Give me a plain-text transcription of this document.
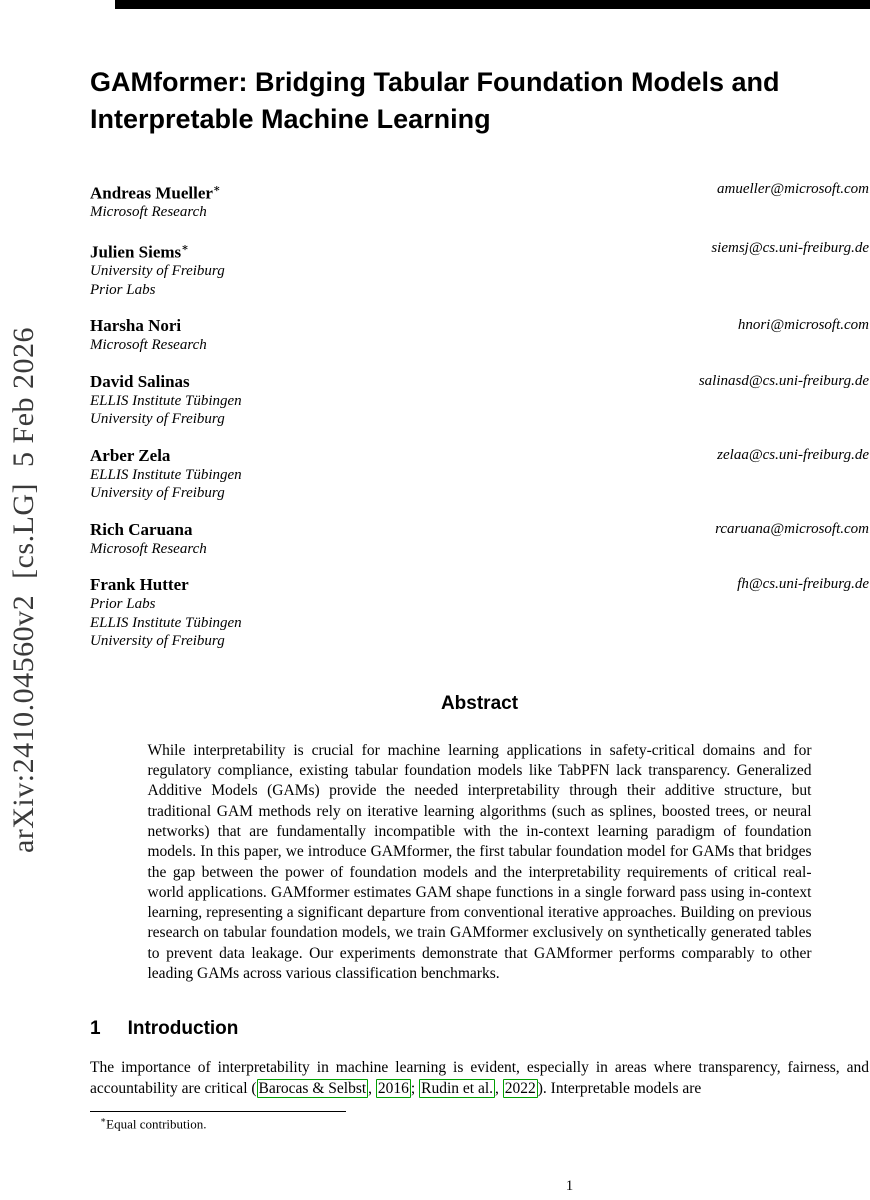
arXiv:2410.04560v2  [cs.LG]  5 Feb 2026
GAMformer: Bridging Tabular Foundation Models and Interpretable Machine Learning
Andreas Mueller∗
Microsoft Research
amueller@microsoft.com
Julien Siems∗
University of Freiburg
Prior Labs
siemsj@cs.uni-freiburg.de
Harsha Nori
Microsoft Research
hnori@microsoft.com
David Salinas
ELLIS Institute Tübingen
University of Freiburg
salinasd@cs.uni-freiburg.de
Arber Zela
ELLIS Institute Tübingen
University of Freiburg
zelaa@cs.uni-freiburg.de
Rich Caruana
Microsoft Research
rcaruana@microsoft.com
Frank Hutter
Prior Labs
ELLIS Institute Tübingen
University of Freiburg
fh@cs.uni-freiburg.de
Abstract

While interpretability is crucial for machine learning applications in safety-critical domains and for regulatory compliance, existing tabular foundation models like TabPFN lack transparency. Generalized Additive Models (GAMs) provide the needed interpretability through their additive structure, but traditional GAM methods rely on iterative learning algorithms (such as splines, boosted trees, or neural networks) that are fundamentally incompatible with the in-context learning paradigm of foundation models. In this paper, we introduce GAMformer, the first tabular foundation model for GAMs that bridges the gap between the power of foundation models and the interpretability requirements of critical real-world applications. GAMformer estimates GAM shape functions in a single forward pass using in-context learning, representing a significant departure from conventional iterative approaches. Building on previous research on tabular foundation models, we train GAMformer exclusively on synthetically generated tables to prevent data leakage. Our experiments demonstrate that GAMformer performs comparably to other leading GAMs across various classification benchmarks.

1 Introduction

The importance of interpretability in machine learning is evident, especially in areas where transparency, fairness, and accountability are critical ( Barocas & Selbst , 2016 ; Rudin et al. , 2022 ). Interpretable models are

∗Equal contribution.

1
